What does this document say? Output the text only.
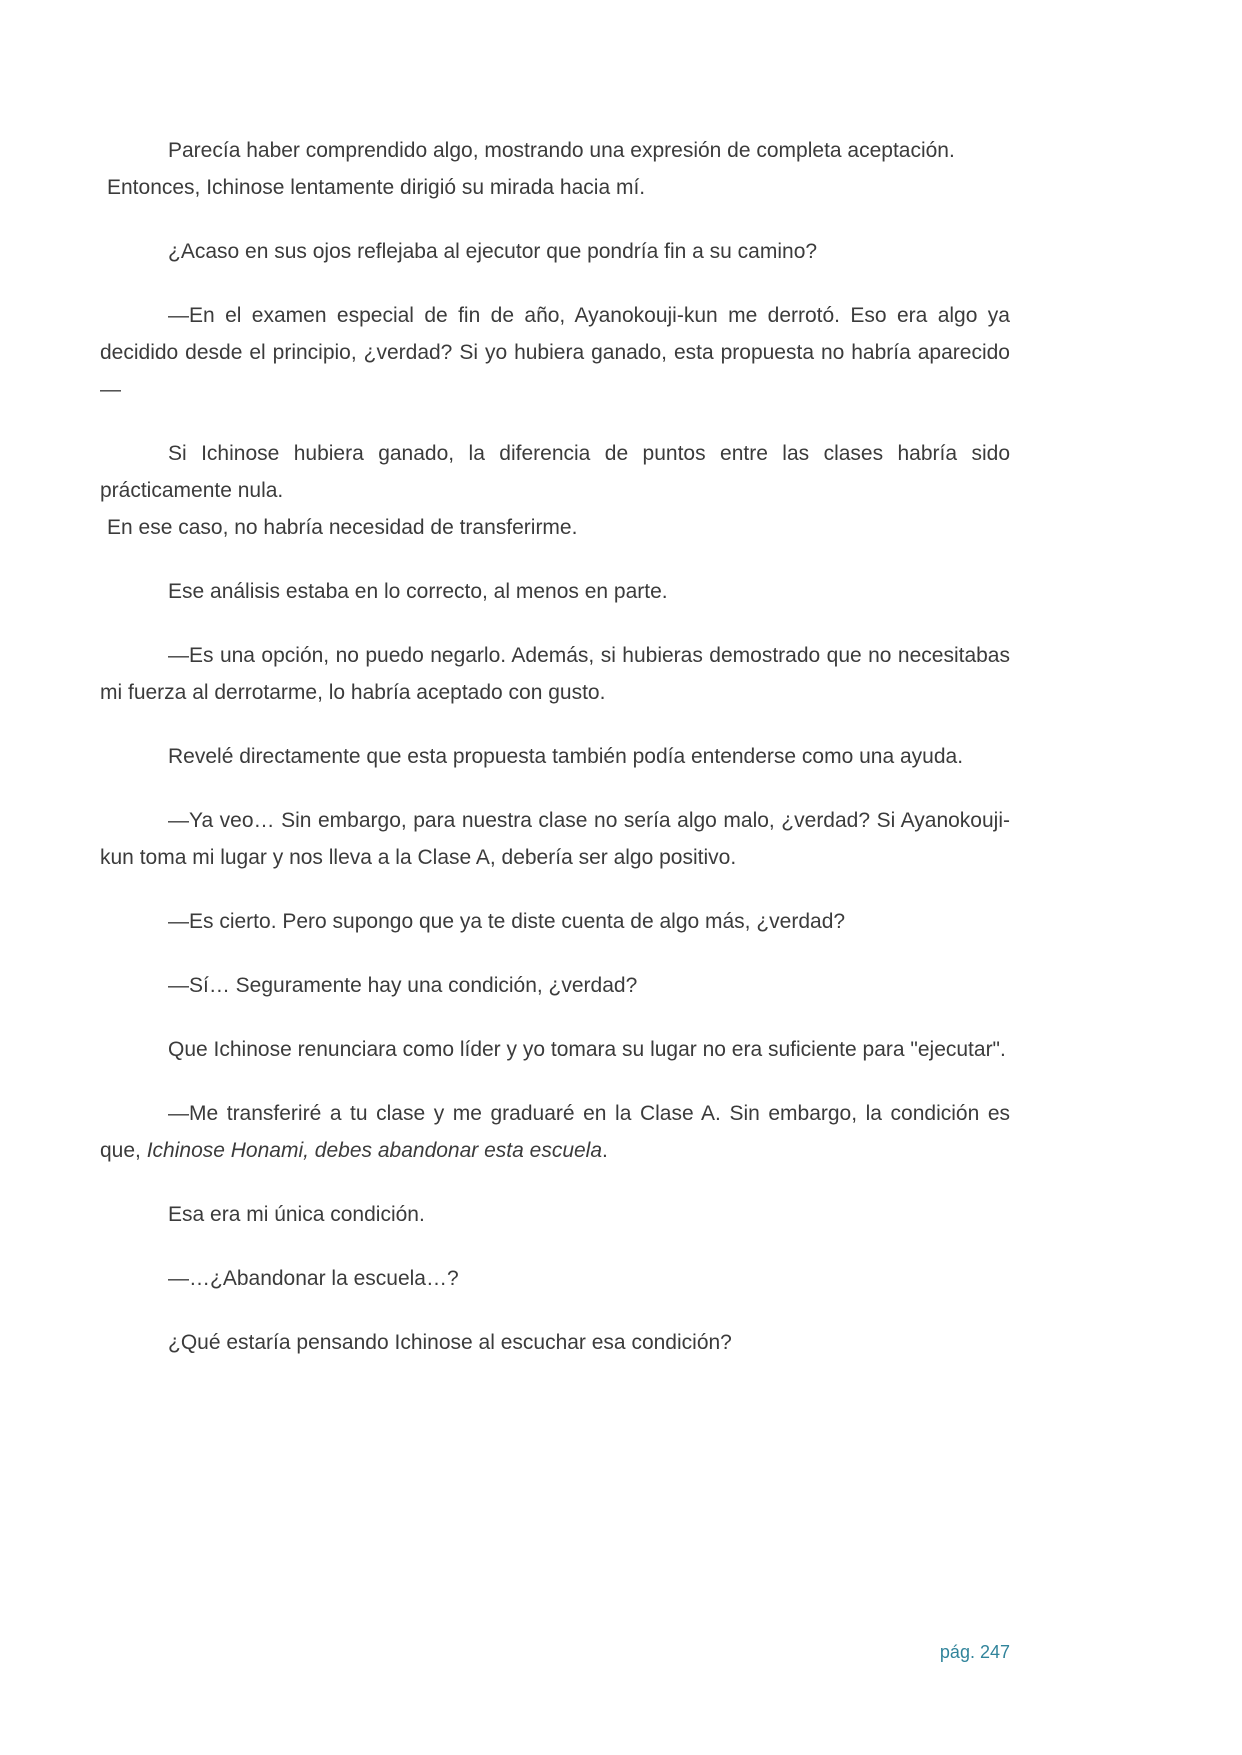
Parecía haber comprendido algo, mostrando una expresión de completa aceptación.

Entonces, Ichinose lentamente dirigió su mirada hacia mí.

¿Acaso en sus ojos reflejaba al ejecutor que pondría fin a su camino?

—En el examen especial de fin de año, Ayanokouji-kun me derrotó. Eso era algo ya decidido desde el principio, ¿verdad? Si yo hubiera ganado, esta propuesta no habría aparecido—

Si Ichinose hubiera ganado, la diferencia de puntos entre las clases habría sido prácticamente nula.

En ese caso, no habría necesidad de transferirme.

Ese análisis estaba en lo correcto, al menos en parte.

—Es una opción, no puedo negarlo. Además, si hubieras demostrado que no necesitabas mi fuerza al derrotarme, lo habría aceptado con gusto.

Revelé directamente que esta propuesta también podía entenderse como una ayuda.

—Ya veo… Sin embargo, para nuestra clase no sería algo malo, ¿verdad? Si Ayanokouji-kun toma mi lugar y nos lleva a la Clase A, debería ser algo positivo.

—Es cierto. Pero supongo que ya te diste cuenta de algo más, ¿verdad?

—Sí… Seguramente hay una condición, ¿verdad?

Que Ichinose renunciara como líder y yo tomara su lugar no era suficiente para "ejecutar".

—Me transferiré a tu clase y me graduaré en la Clase A. Sin embargo, la condición es que, Ichinose Honami, debes abandonar esta escuela.

Esa era mi única condición.

—…¿Abandonar la escuela…?

¿Qué estaría pensando Ichinose al escuchar esa condición?

pág. 247
